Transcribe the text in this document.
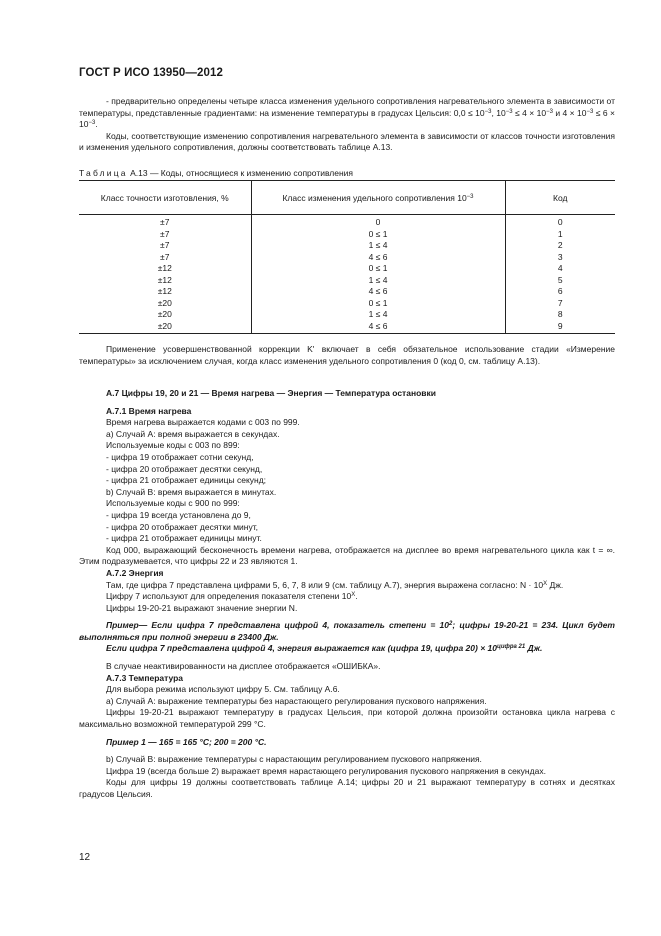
ГОСТ Р ИСО 13950—2012

- предварительно определены четыре класса изменения удельного сопротивления нагревательного элемента в зависимости от температуры, представленные градиентами: на изменение температуры в градусах Цельсия: $0,0 \le 10^{-3}$, $10^{-3} \le 4 \times 10^{-3}$ и $4 \times 10^{-3} \le 6 \times 10^{-3}$.

Коды, соответствующие изменению сопротивления нагревательного элемента в зависимости от классов точности изготовления и изменения удельного сопротивления, должны соответствовать таблице А.13.

Таблица А.13 — Коды, относящиеся к изменению сопротивления
Класс точности изготовления, %	Класс изменения удельного сопротивления $10^{-3}$	Код
±7	0	0
±7	0 ≤ 1	1
±7	1 ≤ 4	2
±7	4 ≤ 6	3
±12	0 ≤ 1	4
±12	1 ≤ 4	5
±12	4 ≤ 6	6
±20	0 ≤ 1	7
±20	1 ≤ 4	8
±20	4 ≤ 6	9

Применение усовершенствованной коррекции K' включает в себя обязательное использование стадии «Измерение температуры» за исключением случая, когда класс изменения удельного сопротивления 0 (код 0, см. таблицу А.13).

А.7 Цифры 19, 20 и 21 — Время нагрева — Энергия — Температура остановки

А.7.1 Время нагрева

Время нагрева выражается кодами с 003 по 999.

а) Случай А: время выражается в секундах.

Используемые коды с 003 по 899:

- цифра 19 отображает сотни секунд,

- цифра 20 отображает десятки секунд,

- цифра 21 отображает единицы секунд;

b) Случай В: время выражается в минутах.

Используемые коды с 900 по 999:

- цифра 19 всегда установлена до 9,

- цифра 20 отображает десятки минут,

- цифра 21 отображает единицы минут.

Код 000, выражающий бесконечность времени нагрева, отображается на дисплее во время нагревательного цикла как t = ∞. Этим подразумевается, что цифры 22 и 23 являются 1.

А.7.2 Энергия

Там, где цифра 7 представлена цифрами 5, 6, 7, 8 или 9 (см. таблицу А.7), энергия выражена согласно: $N \cdot 10^X$ Дж.

Цифру 7 используют для определения показателя степени $10^X$.

Цифры 19-20-21 выражают значение энергии N.

Пример— Если цифра 7 представлена цифрой 4, показатель степени = $10^2$; цифры 19-20-21 = 234. Цикл будет выполняться при полной энергии в 23400 Дж.

Если цифра 7 представлена цифрой 4, энергия выражается как (цифра 19, цифра $20) \times 10^{цифра 21}$ Дж.

В случае неактивированности на дисплее отображается «ОШИБКА».

А.7.3 Температура

Для выбора режима используют цифру 5. См. таблицу А.6.

а) Случай А: выражение температуры без нарастающего регулирования пускового напряжения.

Цифры 19-20-21 выражают температуру в градусах Цельсия, при которой должна произойти остановка цикла нагрева с максимально возможной температурой 299 °С.

Пример 1 — 165 = 165 °С; 200 = 200 °С.

b) Случай В: выражение температуры с нарастающим регулированием пускового напряжения.

Цифра 19 (всегда больше 2) выражает время нарастающего регулирования пускового напряжения в секундах.

Коды для цифры 19 должны соответствовать таблице А.14; цифры 20 и 21 выражают температуру в сотнях и десятках градусов Цельсия.

12
